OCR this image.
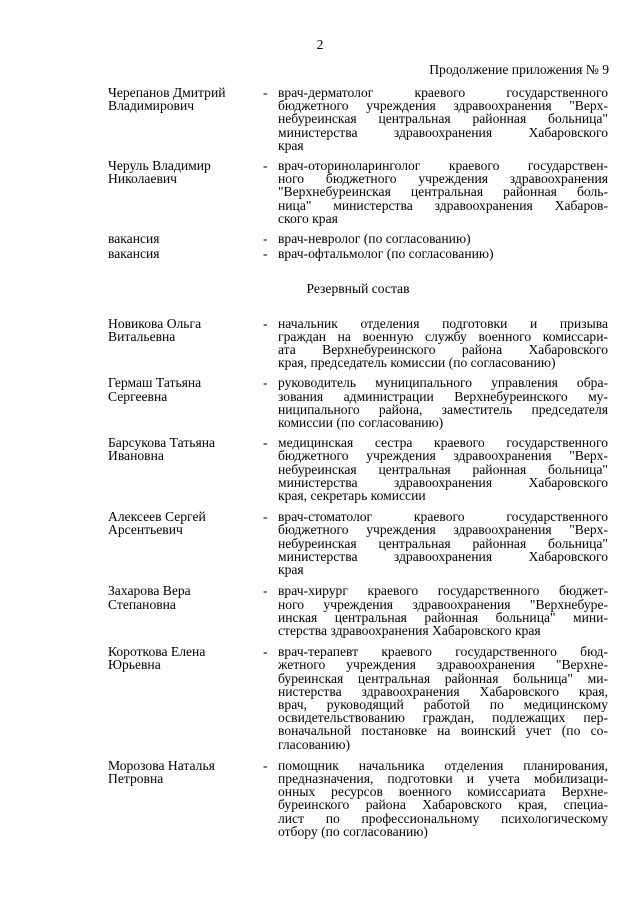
2
Продолжение приложения № 9
Черепанов Дмитрий
Владимирович
- врач-дерматолог краевого государственного
бюджетного учреждения здравоохранения "Верх-
небуреинская центральная районная больница"
министерства здравоохранения Хабаровского
края
Черуль Владимир
Николаевич
- врач-оториноларинголог краевого государствен-
ного бюджетного учреждения здравоохранения
"Верхнебуреинская центральная районная боль-
ница" министерства здравоохранения Хабаров-
ского края
вакансия	- врач-невролог (по согласованию)
вакансия	- врач-офтальмолог (по согласованию)
Резервный состав
Новикова Ольга
Витальевна
- начальник отделения подготовки и призыва
граждан на военную службу военного комиссари-
ата Верхнебуреинского района Хабаровского
края, председатель комиссии (по согласованию)
Гермаш Татьяна
Сергеевна
- руководитель муниципального управления обра-
зования администрации Верхнебуреинского му-
ниципального района, заместитель председателя
комиссии (по согласованию)
Барсукова Татьяна
Ивановна
- медицинская сестра краевого государственного
бюджетного учреждения здравоохранения "Верх-
небуреинская центральная районная больница"
министерства здравоохранения Хабаровского
края, секретарь комиссии
Алексеев Сергей
Арсентьевич
- врач-стоматолог краевого государственного
бюджетного учреждения здравоохранения "Верх-
небуреинская центральная районная больница"
министерства здравоохранения Хабаровского
края
Захарова Вера
Степановна
- врач-хирург краевого государственного бюджет-
ного учреждения здравоохранения "Верхнебуре-
инская центральная районная больница" мини-
стерства здравоохранения Хабаровского края
Короткова Елена
Юрьевна
- врач-терапевт краевого государственного бюд-
жетного учреждения здравоохранения "Верхне-
буреинская центральная районная больница" ми-
нистерства здравоохранения Хабаровского края,
врач, руководящий работой по медицинскому
освидетельствованию граждан, подлежащих пер-
воначальной постановке на воинский учет (по со-
гласованию)
Морозова Наталья
Петровна
- помощник начальника отделения планирования,
предназначения, подготовки и учета мобилизаци-
онных ресурсов военного комиссариата Верхне-
буреинского района Хабаровского края, специа-
лист по профессиональному психологическому
отбору (по согласованию)
